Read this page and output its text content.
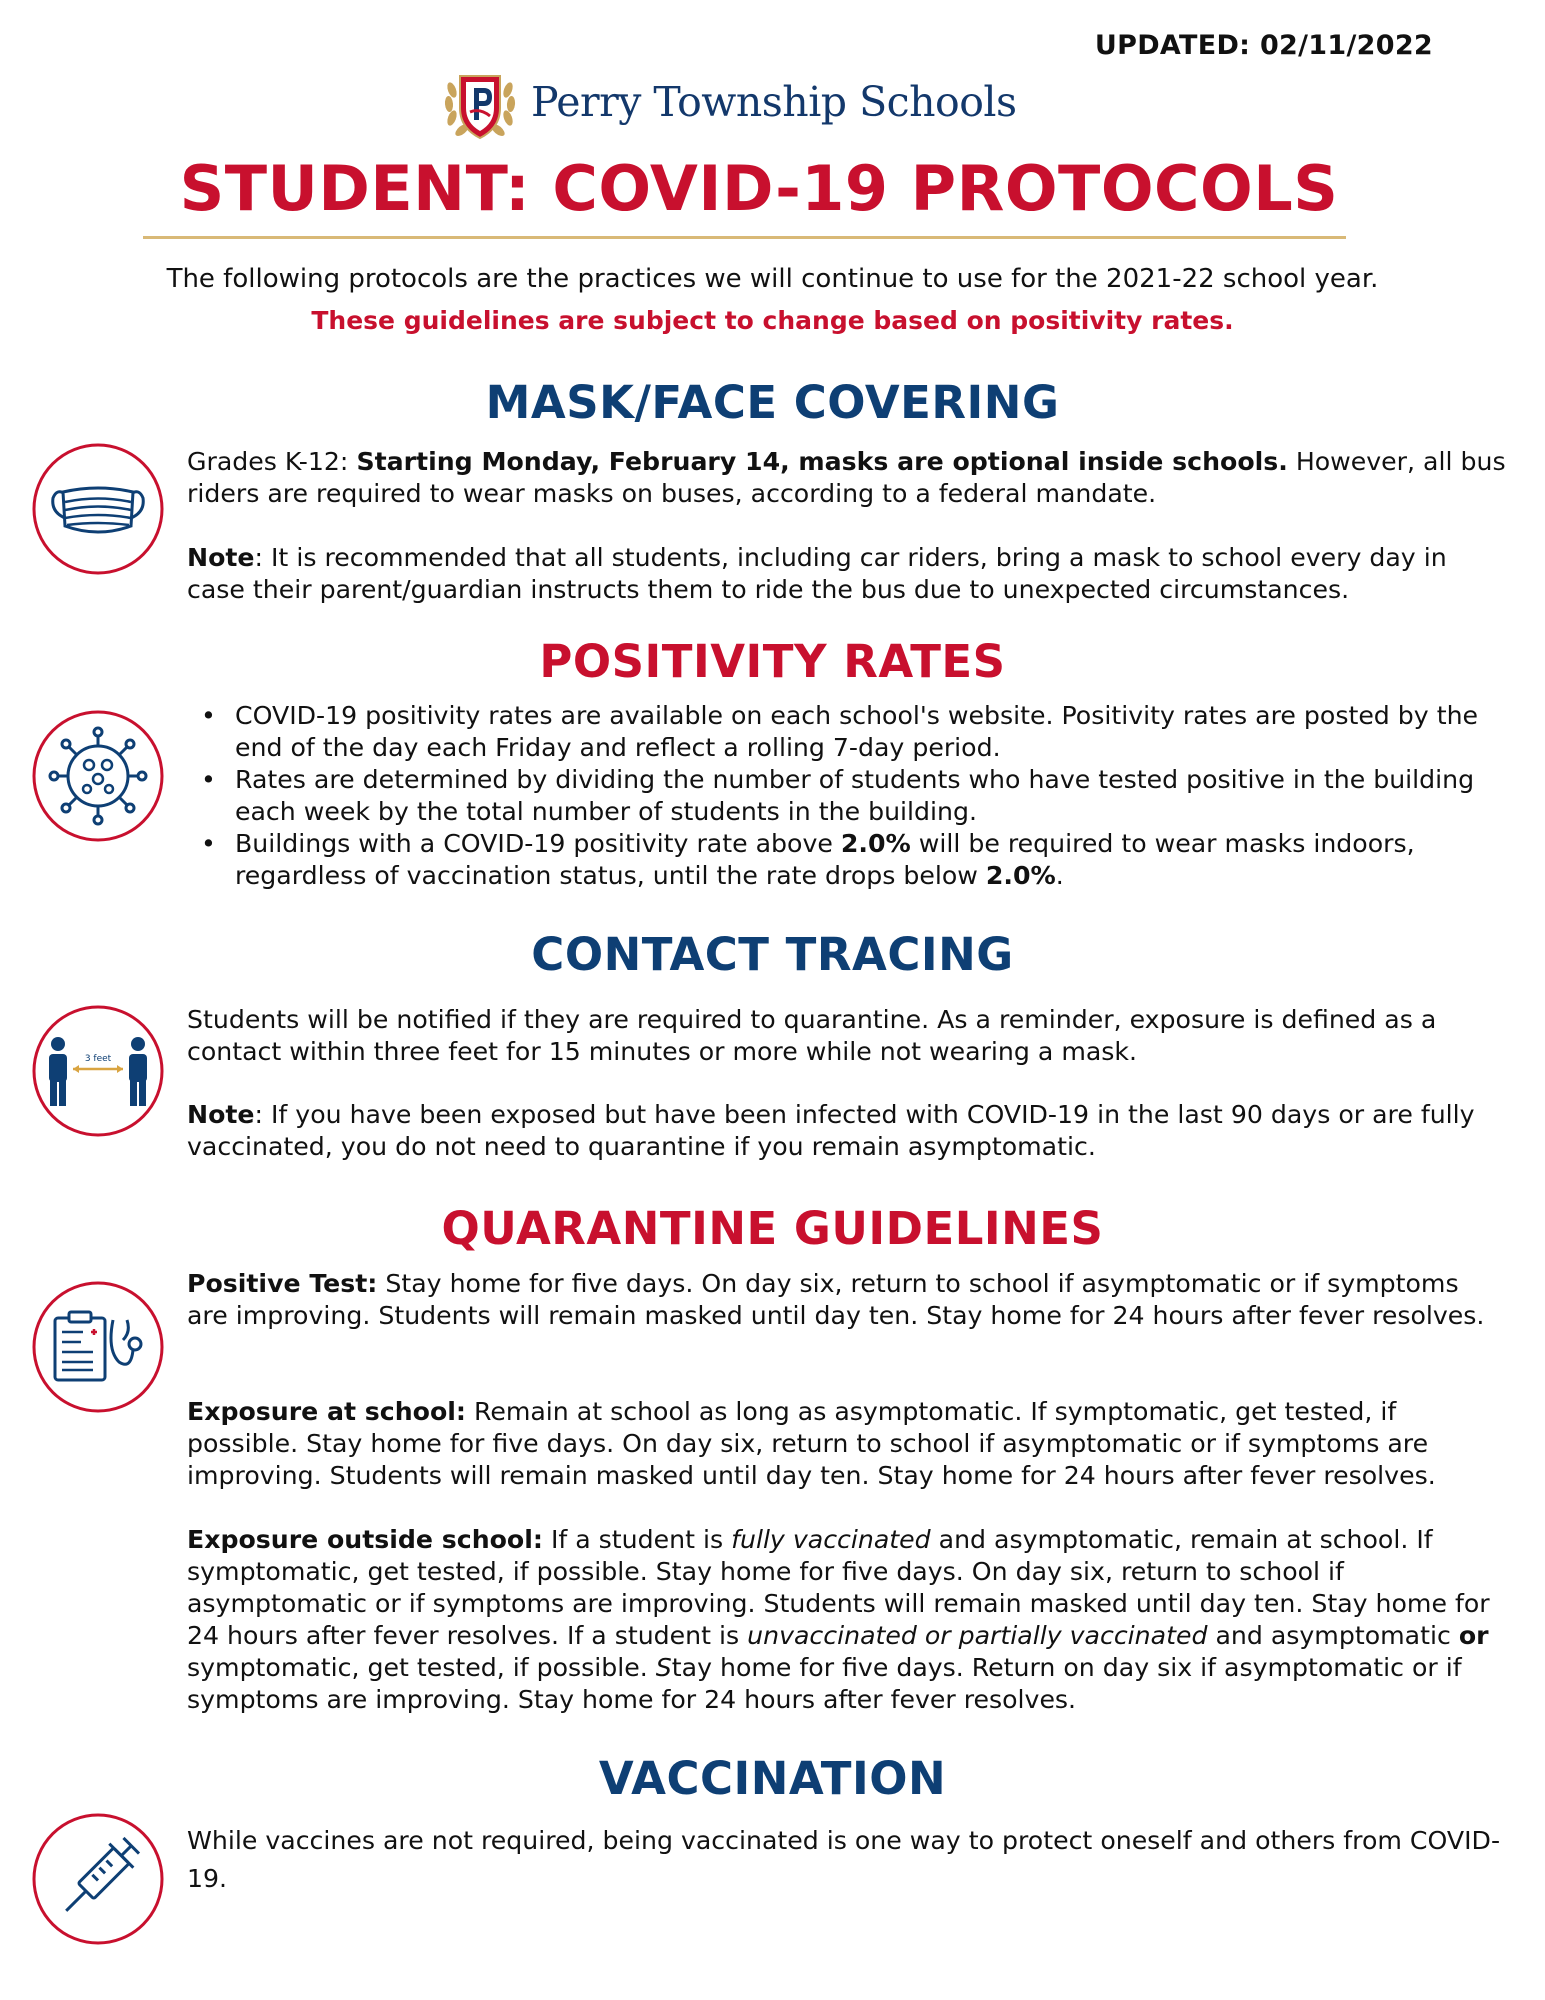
UPDATED: 02/11/2022
Perry Township Schools
STUDENT: COVID-19 PROTOCOLS
The following protocols are the practices we will continue to use for the 2021-22 school year.
These guidelines are subject to change based on positivity rates.
MASK/FACE COVERING
Grades K-12: Starting Monday, February 14, masks are optional inside schools. However, all bus riders are required to wear masks on buses, according to a federal mandate.
Note: It is recommended that all students, including car riders, bring a mask to school every day in case their parent/guardian instructs them to ride the bus due to unexpected circumstances.
POSITIVITY RATES
• COVID-19 positivity rates are available on each school's website. Positivity rates are posted by the end of the day each Friday and reflect a rolling 7-day period.
• Rates are determined by dividing the number of students who have tested positive in the building each week by the total number of students in the building.
• Buildings with a COVID-19 positivity rate above 2.0% will be required to wear masks indoors, regardless of vaccination status, until the rate drops below 2.0%.
CONTACT TRACING
3 feet
Students will be notified if they are required to quarantine. As a reminder, exposure is defined as a contact within three feet for 15 minutes or more while not wearing a mask.
Note: If you have been exposed but have been infected with COVID-19 in the last 90 days or are fully vaccinated, you do not need to quarantine if you remain asymptomatic.
QUARANTINE GUIDELINES
Positive Test: Stay home for five days. On day six, return to school if asymptomatic or if symptoms are improving. Students will remain masked until day ten. Stay home for 24 hours after fever resolves.
Exposure at school: Remain at school as long as asymptomatic. If symptomatic, get tested, if possible. Stay home for five days. On day six, return to school if asymptomatic or if symptoms are improving. Students will remain masked until day ten. Stay home for 24 hours after fever resolves.
Exposure outside school: If a student is fully vaccinated and asymptomatic, remain at school. If symptomatic, get tested, if possible. Stay home for five days. On day six, return to school if asymptomatic or if symptoms are improving. Students will remain masked until day ten. Stay home for 24 hours after fever resolves. If a student is unvaccinated or partially vaccinated and asymptomatic or symptomatic, get tested, if possible. Stay home for five days. Return on day six if asymptomatic or if symptoms are improving. Stay home for 24 hours after fever resolves.
VACCINATION
While vaccines are not required, being vaccinated is one way to protect oneself and others from COVID-19.
